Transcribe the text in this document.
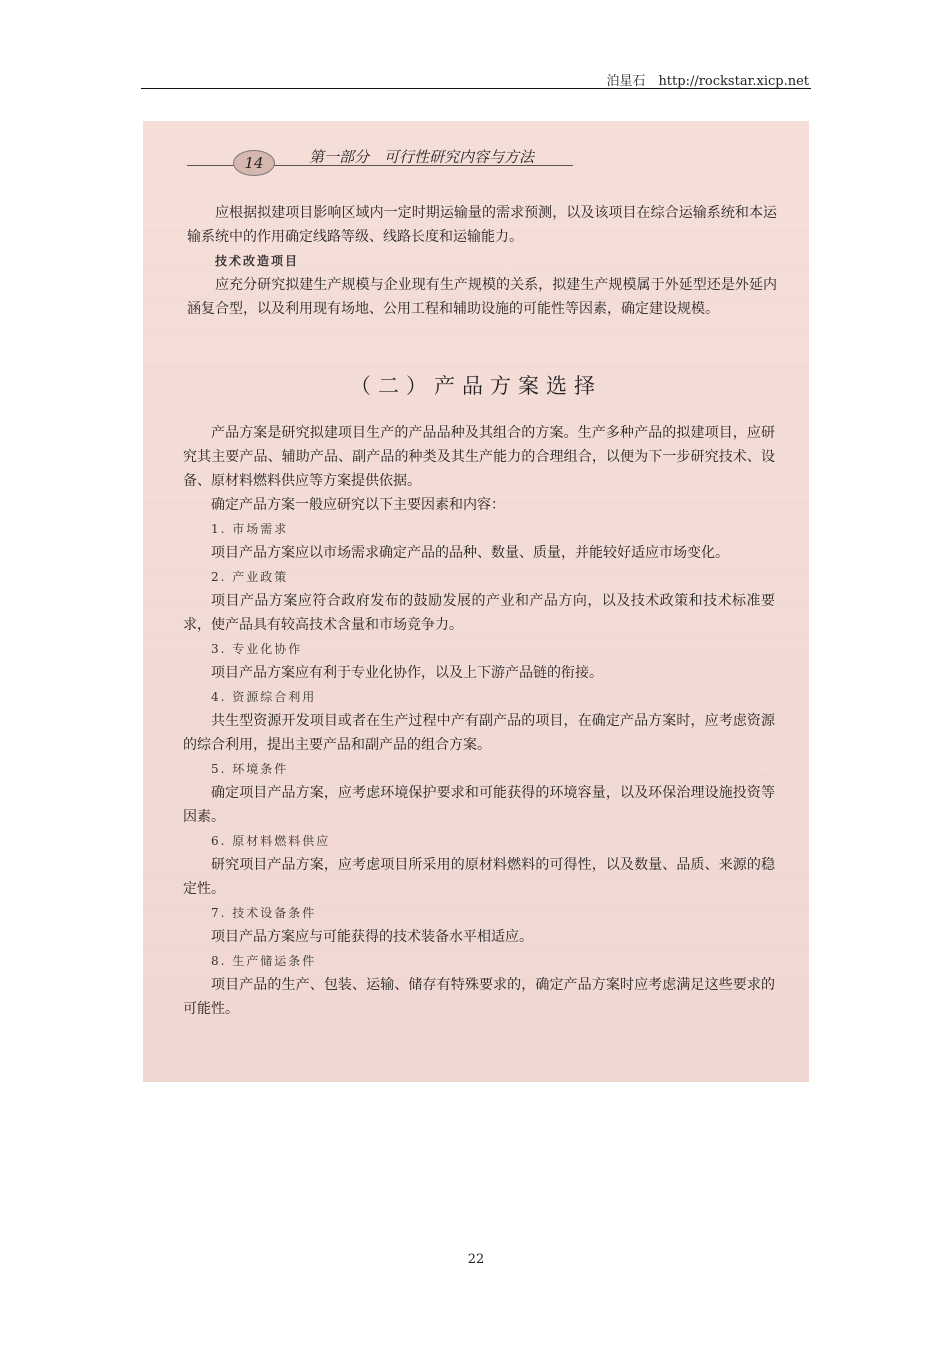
泊星石　http://rockstar.xicp.net
14	第一部分　可行性研究内容与方法

应根据拟建项目影响区域内一定时期运输量的需求预测，以及该项目在综合运输系统和本运输系统中的作用确定线路等级、线路长度和运输能力。

技术改造项目

应充分研究拟建生产规模与企业现有生产规模的关系，拟建生产规模属于外延型还是外延内涵复合型，以及利用现有场地、公用工程和辅助设施的可能性等因素，确定建设规模。

（二）产品方案选择

产品方案是研究拟建项目生产的产品品种及其组合的方案。生产多种产品的拟建项目，应研究其主要产品、辅助产品、副产品的种类及其生产能力的合理组合，以便为下一步研究技术、设备、原材料燃料供应等方案提供依据。

确定产品方案一般应研究以下主要因素和内容：

1. 市场需求

项目产品方案应以市场需求确定产品的品种、数量、质量，并能较好适应市场变化。

2. 产业政策

项目产品方案应符合政府发布的鼓励发展的产业和产品方向，以及技术政策和技术标准要求，使产品具有较高技术含量和市场竞争力。

3. 专业化协作

项目产品方案应有利于专业化协作，以及上下游产品链的衔接。

4. 资源综合利用

共生型资源开发项目或者在生产过程中产有副产品的项目，在确定产品方案时，应考虑资源的综合利用，提出主要产品和副产品的组合方案。

5. 环境条件

确定项目产品方案，应考虑环境保护要求和可能获得的环境容量，以及环保治理设施投资等因素。

6. 原材料燃料供应

研究项目产品方案，应考虑项目所采用的原材料燃料的可得性，以及数量、品质、来源的稳定性。

7. 技术设备条件

项目产品方案应与可能获得的技术装备水平相适应。

8. 生产储运条件

项目产品的生产、包装、运输、储存有特殊要求的，确定产品方案时应考虑满足这些要求的可能性。

22
